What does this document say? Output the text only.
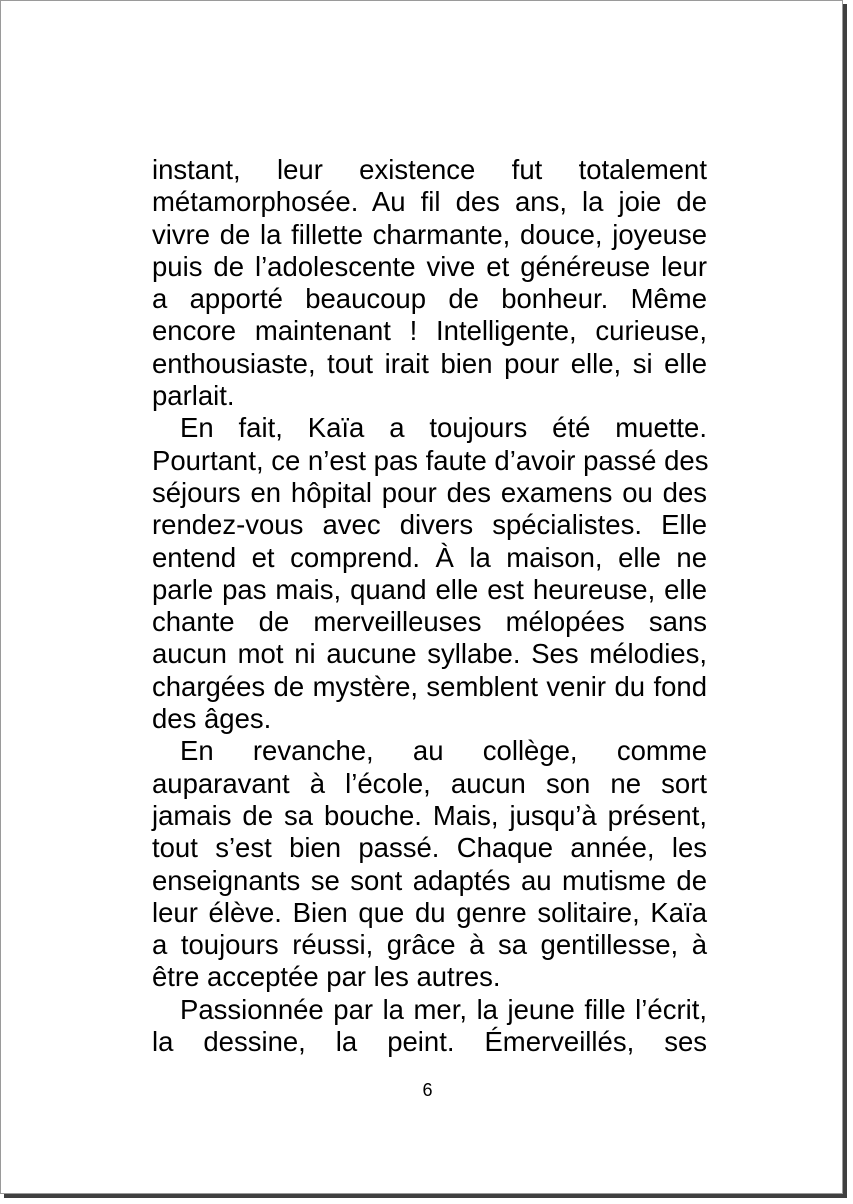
instant, leur existence fut totalement
métamorphosée. Au fil des ans, la joie de
vivre de la fillette charmante, douce, joyeuse
puis de l’adolescente vive et généreuse leur
a apporté beaucoup de bonheur. Même
encore maintenant ! Intelligente, curieuse,
enthousiaste, tout irait bien pour elle, si elle
parlait.
En fait, Kaïa a toujours été muette.
Pourtant, ce n’est pas faute d’avoir passé des
séjours en hôpital pour des examens ou des
rendez-vous avec divers spécialistes. Elle
entend et comprend. À la maison, elle ne
parle pas mais, quand elle est heureuse, elle
chante de merveilleuses mélopées sans
aucun mot ni aucune syllabe. Ses mélodies,
chargées de mystère, semblent venir du fond
des âges.
En revanche, au collège, comme
auparavant à l’école, aucun son ne sort
jamais de sa bouche. Mais, jusqu’à présent,
tout s’est bien passé. Chaque année, les
enseignants se sont adaptés au mutisme de
leur élève. Bien que du genre solitaire, Kaïa
a toujours réussi, grâce à sa gentillesse, à
être acceptée par les autres.
Passionnée par la mer, la jeune fille l’écrit,
la dessine, la peint. Émerveillés, ses
6
